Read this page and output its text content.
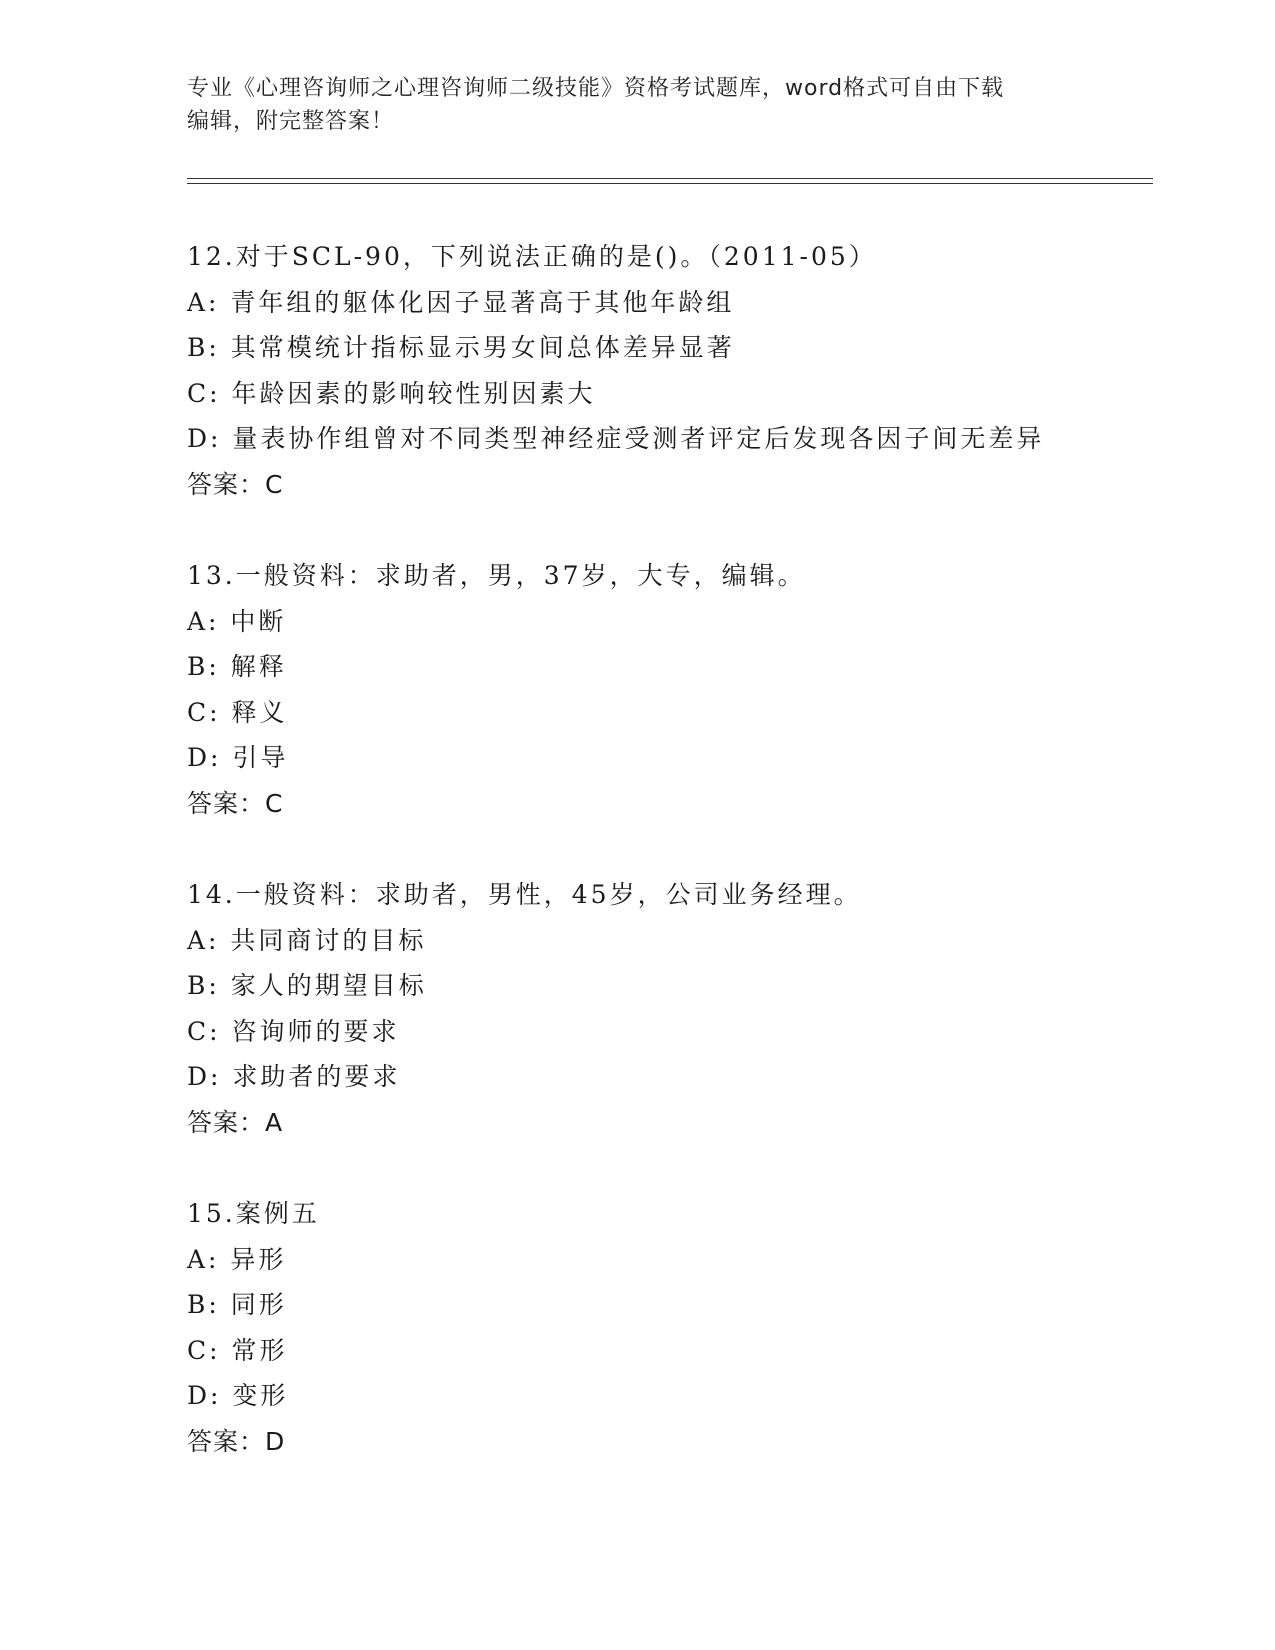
专业《心理咨询师之心理咨询师二级技能》资格考试题库，word格式可自由下载
编辑，附完整答案！
12.对于SCL-90，下列说法正确的是()。（2011-05）
A: 青年组的躯体化因子显著高于其他年龄组
B: 其常模统计指标显示男女间总体差异显著
C: 年龄因素的影响较性别因素大
D: 量表协作组曾对不同类型神经症受测者评定后发现各因子间无差异
答案：C
13.一般资料：求助者，男，37岁，大专，编辑。
A: 中断
B: 解释
C: 释义
D: 引导
答案：C
14.一般资料：求助者，男性，45岁，公司业务经理。
A: 共同商讨的目标
B: 家人的期望目标
C: 咨询师的要求
D: 求助者的要求
答案：A
15.案例五
A: 异形
B: 同形
C: 常形
D: 变形
答案：D
